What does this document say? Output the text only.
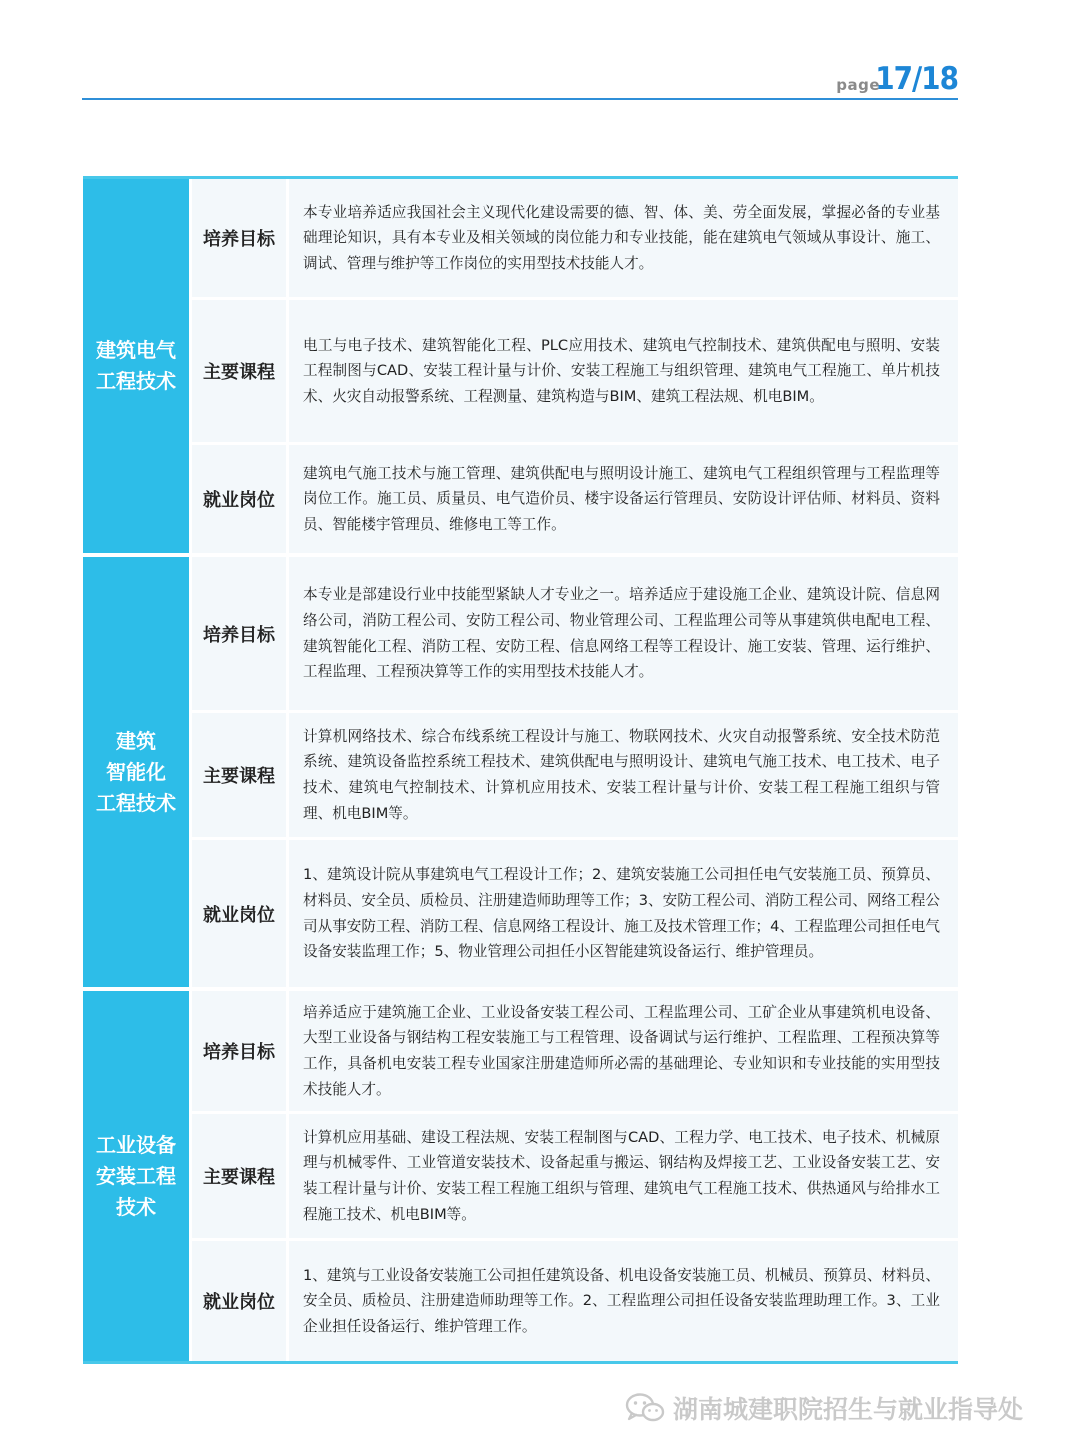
page
17/18
建筑电气
工程技术
培养目标
本专业培养适应我国社会主义现代化建设需要的德、智、体、美、劳全面发展，掌握必备的专业基础理论知识，具有本专业及相关领域的岗位能力和专业技能，能在建筑电气领域从事设计、施工、调试、管理与维护等工作岗位的实用型技术技能人才。
主要课程
电工与电子技术、建筑智能化工程、PLC应用技术、建筑电气控制技术、建筑供配电与照明、安装工程制图与CAD、安装工程计量与计价、安装工程施工与组织管理、建筑电气工程施工、单片机技术、火灾自动报警系统、工程测量、建筑构造与BIM、建筑工程法规、机电BIM。
就业岗位
建筑电气施工技术与施工管理、建筑供配电与照明设计施工、建筑电气工程组织管理与工程监理等岗位工作。施工员、质量员、电气造价员、楼宇设备运行管理员、安防设计评估师、材料员、资料员、智能楼宇管理员、维修电工等工作。
建筑
智能化
工程技术
培养目标
本专业是部建设行业中技能型紧缺人才专业之一。培养适应于建设施工企业、建筑设计院、信息网络公司，消防工程公司、安防工程公司、物业管理公司、工程监理公司等从事建筑供电配电工程、建筑智能化工程、消防工程、安防工程、信息网络工程等工程设计、施工安装、管理、运行维护、工程监理、工程预决算等工作的实用型技术技能人才。
主要课程
计算机网络技术、综合布线系统工程设计与施工、物联网技术、火灾自动报警系统、安全技术防范系统、建筑设备监控系统工程技术、建筑供配电与照明设计、建筑电气施工技术、电工技术、电子技术、建筑电气控制技术、计算机应用技术、安装工程计量与计价、安装工程工程施工组织与管理、机电BIM等。
就业岗位
1、建筑设计院从事建筑电气工程设计工作；2、建筑安装施工公司担任电气安装施工员、预算员、材料员、安全员、质检员、注册建造师助理等工作；3、安防工程公司、消防工程公司、网络工程公司从事安防工程、消防工程、信息网络工程设计、施工及技术管理工作；4、工程监理公司担任电气设备安装监理工作；5、物业管理公司担任小区智能建筑设备运行、维护管理员。
工业设备
安装工程
技术
培养目标
培养适应于建筑施工企业、工业设备安装工程公司、工程监理公司、工矿企业从事建筑机电设备、大型工业设备与钢结构工程安装施工与工程管理、设备调试与运行维护、工程监理、工程预决算等工作，具备机电安装工程专业国家注册建造师所必需的基础理论、专业知识和专业技能的实用型技术技能人才。
主要课程
计算机应用基础、建设工程法规、安装工程制图与CAD、工程力学、电工技术、电子技术、机械原理与机械零件、工业管道安装技术、设备起重与搬运、钢结构及焊接工艺、工业设备安装工艺、安装工程计量与计价、安装工程工程施工组织与管理、建筑电气工程施工技术、供热通风与给排水工程施工技术、机电BIM等。
就业岗位
1、建筑与工业设备安装施工公司担任建筑设备、机电设备安装施工员、机械员、预算员、材料员、安全员、质检员、注册建造师助理等工作。2、工程监理公司担任设备安装监理助理工作。3、工业企业担任设备运行、维护管理工作。
湖南城建职院招生与就业指导处
